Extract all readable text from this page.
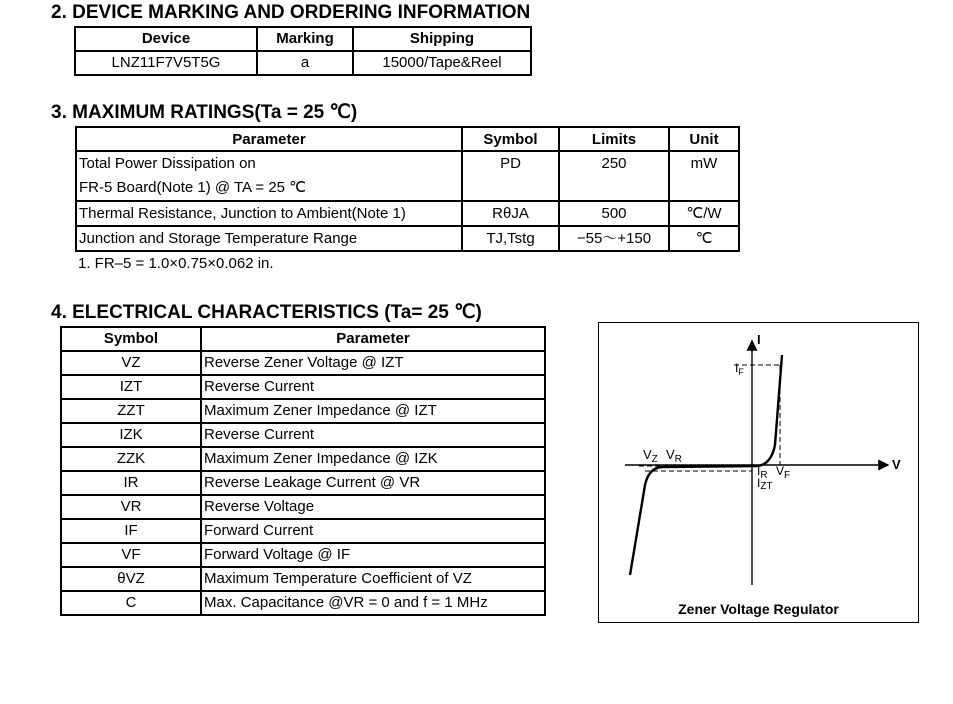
2. DEVICE MARKING AND ORDERING INFORMATION
Device	Marking	Shipping
LNZ11F7V5T5G	a	15000/Tape&Reel
3. MAXIMUM RATINGS(Ta = 25 ℃)
Parameter	Symbol	Limits	Unit

Total Power Dissipation on
FR-5 Board(Note 1) @ TA = 25 ℃	PD	250	mW
Thermal Resistance, Junction to Ambient(Note 1)	RθJA	500	℃/W
Junction and Storage Temperature Range	TJ,Tstg	−55～+150	℃
1. FR–5 = 1.0×0.75×0.062 in.
4. ELECTRICAL CHARACTERISTICS (Ta= 25 ℃)
Symbol	Parameter
VZ	Reverse Zener Voltage @ IZT
IZT	Reverse Current
ZZT	Maximum Zener Impedance @ IZT
IZK	Reverse Current
ZZK	Maximum Zener Impedance @ IZK
IR	Reverse Leakage Current @ VR
VR	Reverse Voltage
IF	Forward Current
VF	Forward Voltage @ IF
θVZ	Maximum Temperature Coefficient of VZ
C	Max. Capacitance @VR = 0 and f = 1 MHz
I
V
$I_F$
$V_Z$ $V_R$
$I_R$ $V_F$
IZT
Zener Voltage Regulator
